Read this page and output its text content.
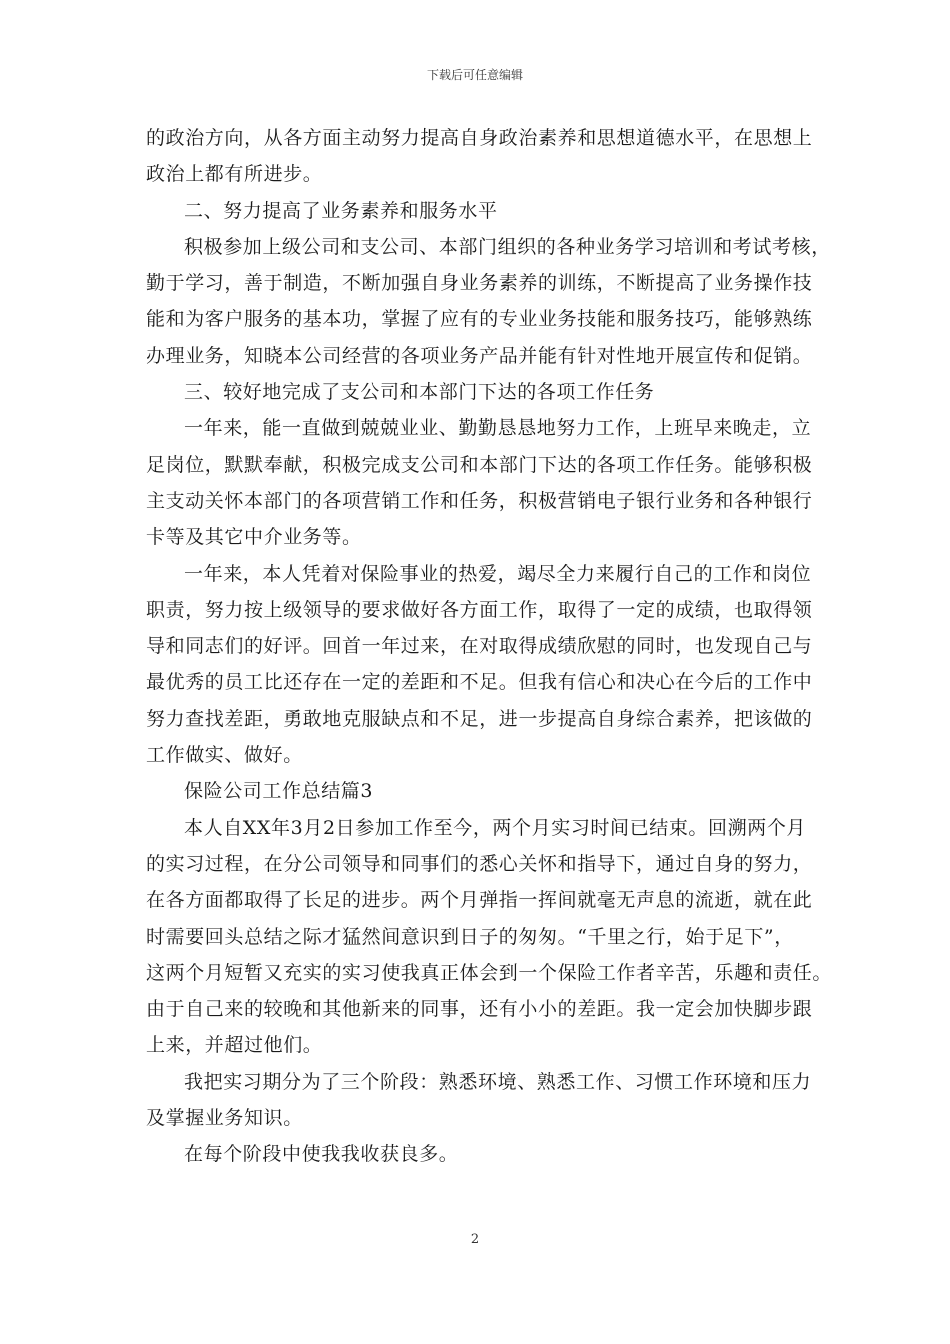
下载后可任意编辑
的政治方向，从各方面主动努力提高自身政治素养和思想道德水平，在思想上
政治上都有所进步。
二、努力提高了业务素养和服务水平
积极参加上级公司和支公司、本部门组织的各种业务学习培训和考试考核，
勤于学习，善于制造，不断加强自身业务素养的训练，不断提高了业务操作技
能和为客户服务的基本功，掌握了应有的专业业务技能和服务技巧，能够熟练
办理业务，知晓本公司经营的各项业务产品并能有针对性地开展宣传和促销。
三、较好地完成了支公司和本部门下达的各项工作任务
一年来，能一直做到兢兢业业、勤勤恳恳地努力工作，上班早来晚走，立
足岗位，默默奉献，积极完成支公司和本部门下达的各项工作任务。能够积极
主支动关怀本部门的各项营销工作和任务，积极营销电子银行业务和各种银行
卡等及其它中介业务等。
一年来，本人凭着对保险事业的热爱，竭尽全力来履行自己的工作和岗位
职责，努力按上级领导的要求做好各方面工作，取得了一定的成绩，也取得领
导和同志们的好评。回首一年过来，在对取得成绩欣慰的同时，也发现自己与
最优秀的员工比还存在一定的差距和不足。但我有信心和决心在今后的工作中
努力查找差距，勇敢地克服缺点和不足，进一步提高自身综合素养，把该做的
工作做实、做好。
保险公司工作总结篇3
本人自XX年3月2日参加工作至今，两个月实习时间已结束。回溯两个月
的实习过程，在分公司领导和同事们的悉心关怀和指导下，通过自身的努力，
在各方面都取得了长足的进步。两个月弹指一挥间就毫无声息的流逝，就在此
时需要回头总结之际才猛然间意识到日子的匆匆。“千里之行，始于足下”，
这两个月短暂又充实的实习使我真正体会到一个保险工作者辛苦，乐趣和责任。
由于自己来的较晚和其他新来的同事，还有小小的差距。我一定会加快脚步跟
上来，并超过他们。
我把实习期分为了三个阶段：熟悉环境、熟悉工作、习惯工作环境和压力
及掌握业务知识。
在每个阶段中使我我收获良多。
2
